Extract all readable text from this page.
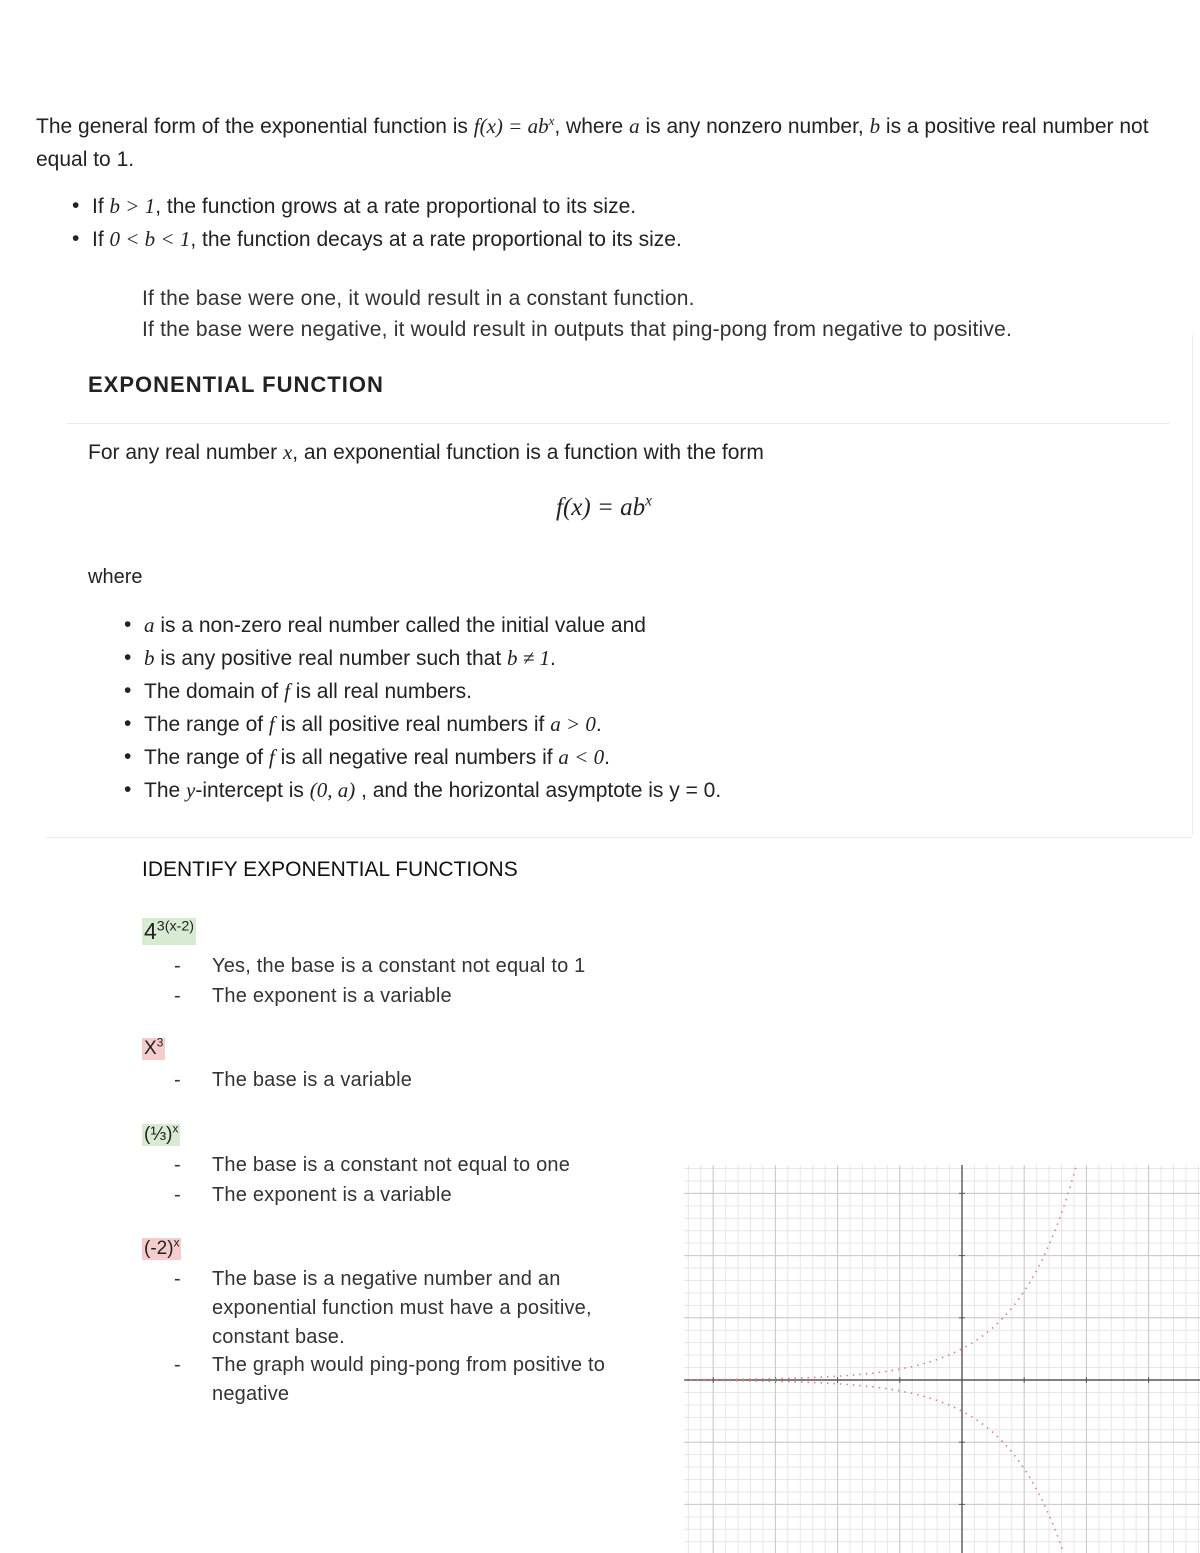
The general form of the exponential function is $f(x) = ab^x$, where a is any nonzero number, b is a positive real number not equal to 1.

• If b > 1, the function grows at a rate proportional to its size.
• If 0 < b < 1, the function decays at a rate proportional to its size.
If the base were one, it would result in a constant function.
If the base were negative, it would result in outputs that ping-pong from negative to positive.
EXPONENTIAL FUNCTION
For any real number x, an exponential function is a function with the form
$f(x) = ab^x$
where
• a is a non-zero real number called the initial value and
• b is any positive real number such that b ≠ 1.
• The domain of f is all real numbers.
• The range of f is all positive real numbers if a > 0.
• The range of f is all negative real numbers if a < 0.
• The y-intercept is (0, a) , and the horizontal asymptote is y = 0.
IDENTIFY EXPONENTIAL FUNCTIONS
$4^{3(x-2)}$
- Yes, the base is a constant not equal to 1
- The exponent is a variable
$X^3$
- The base is a variable
(⅓)$^x$
- The base is a constant not equal to one
- The exponent is a variable
$(-2)^x$
- The base is a negative number and an exponential function must have a positive, constant base.
- The graph would ping-pong from positive to negative
